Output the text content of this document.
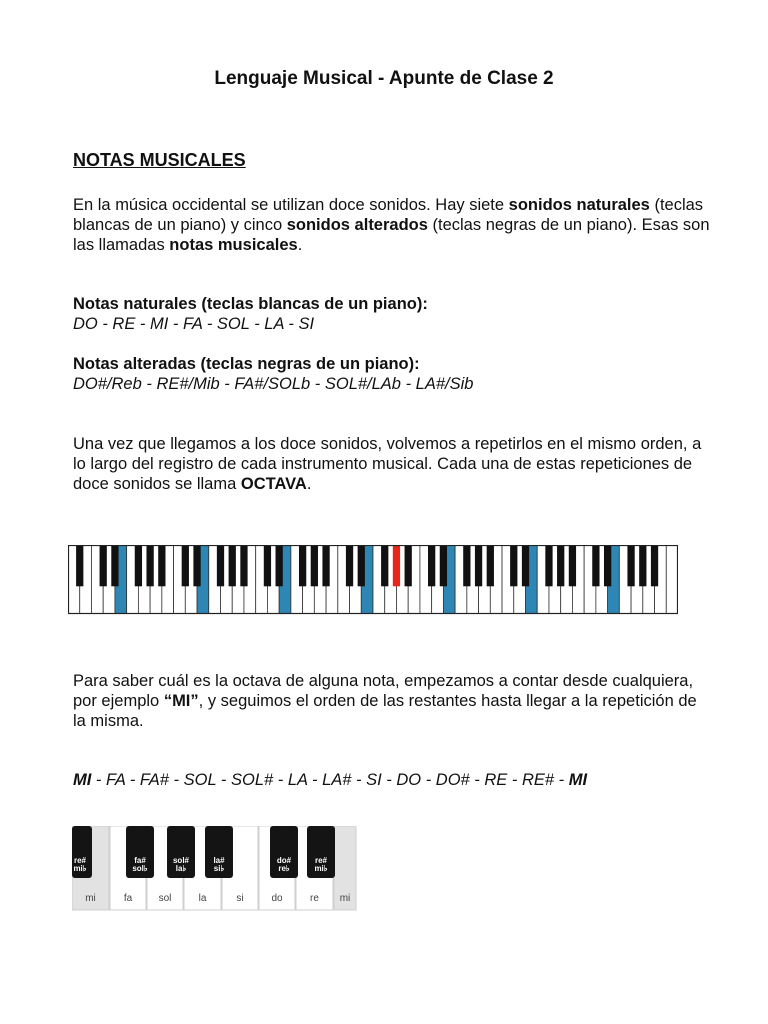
Lenguaje Musical - Apunte de Clase 2
NOTAS MUSICALES
En la música occidental se utilizan doce sonidos. Hay siete sonidos naturales (teclas blancas de un piano) y cinco sonidos alterados (teclas negras de un piano). Esas son las llamadas notas musicales.
Notas naturales (teclas blancas de un piano):
DO - RE - MI - FA - SOL - LA - SI
Notas alteradas (teclas negras de un piano):
DO#/Reb - RE#/Mib - FA#/SOLb - SOL#/LAb - LA#/Sib
Una vez que llegamos a los doce sonidos, volvemos a repetirlos en el mismo orden, a lo largo del registro de cada instrumento musical. Cada una de estas repeticiones de doce sonidos se llama OCTAVA.
Para saber cuál es la octava de alguna nota, empezamos a contar desde cualquiera, por ejemplo “MI”, y seguimos el orden de las restantes hasta llegar a la repetición de la misma.
MI - FA - FA# - SOL - SOL# - LA - LA# - SI - DO - DO# - RE - RE# - MI
mi	fa	sol	la	si	do	re mi
re#
mi♭
fa#
sol♭
sol#
la♭
la#
si♭
do#
re♭
re#
mi♭
